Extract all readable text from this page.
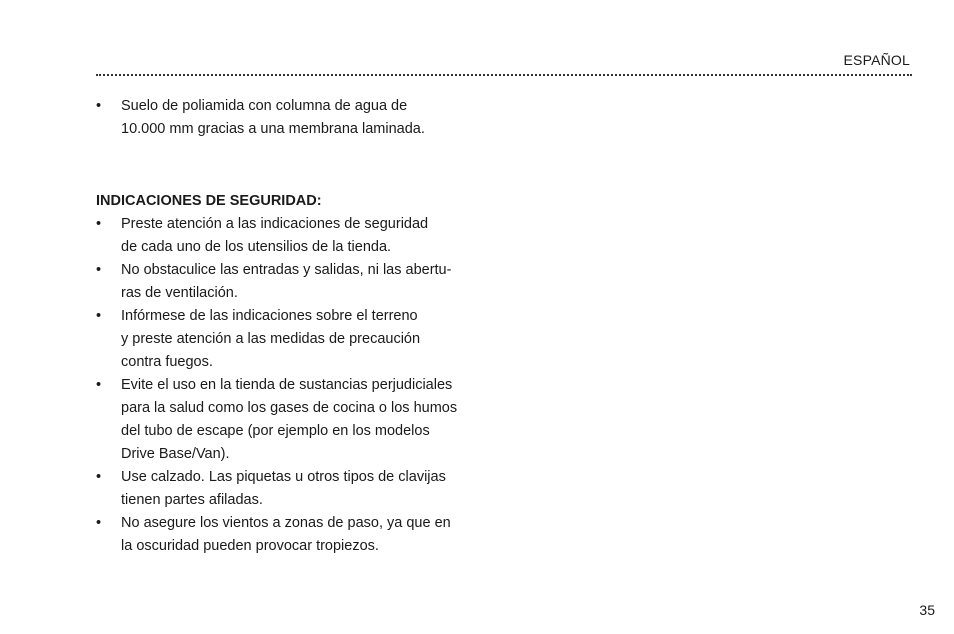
ESPAÑOL
•	Suelo de poliamida con columna de agua de
10.000 mm gracias a una membrana laminada.
INDICACIONES DE SEGURIDAD:
•	Preste atención a las indicaciones de seguridad
de cada uno de los utensilios de la tienda.
•	No obstaculice las entradas y salidas, ni las abertu-
ras de ventilación.
•	Infórmese de las indicaciones sobre el terreno
y preste atención a las medidas de precaución
contra fuegos.
•	Evite el uso en la tienda de sustancias perjudiciales
para la salud como los gases de cocina o los humos
del tubo de escape (por ejemplo en los modelos
Drive Base/Van).
•	Use calzado. Las piquetas u otros tipos de clavijas
tienen partes afiladas.
•	No asegure los vientos a zonas de paso, ya que en
la oscuridad pueden provocar tropiezos.
35
